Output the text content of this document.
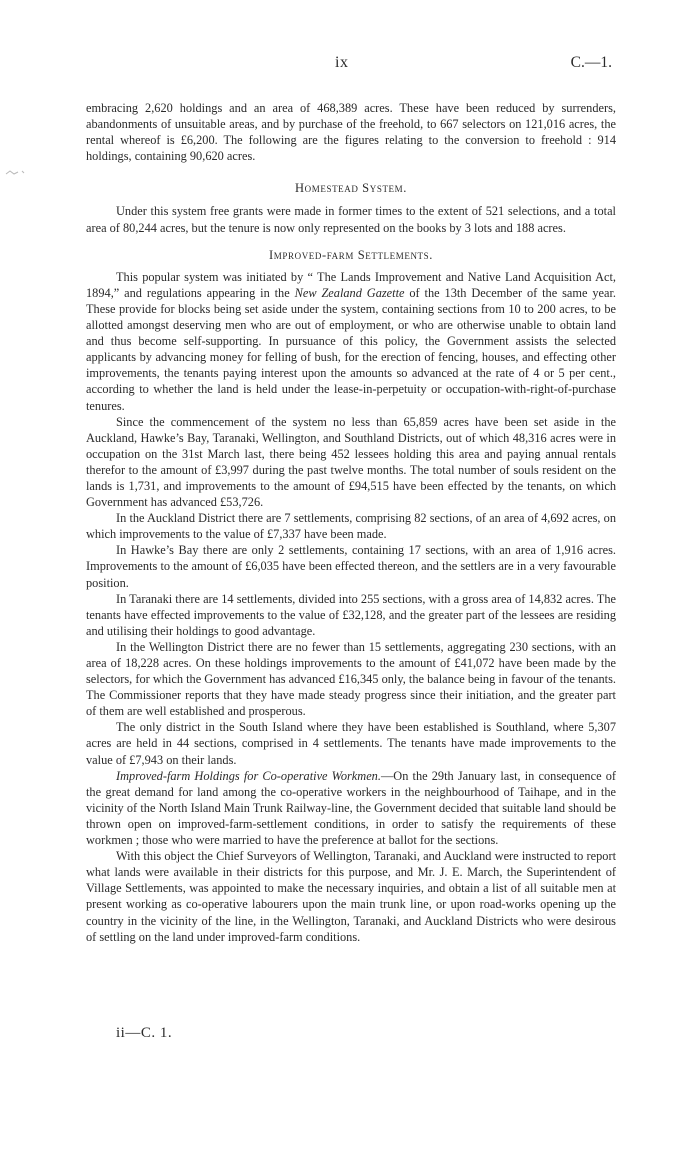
ix	C.—1.

embracing 2,620 holdings and an area of 468,389 acres. These have been reduced by surrenders, abandonments of unsuitable areas, and by purchase of the freehold, to 667 selectors on 121,016 acres, the rental whereof is £6,200. The following are the figures relating to the conversion to freehold : 914 holdings, containing 90,620 acres.

Homestead System.

Under this system free grants were made in former times to the extent of 521 selections, and a total area of 80,244 acres, but the tenure is now only represented on the books by 3 lots and 188 acres.

Improved-farm Settlements.

This popular system was initiated by “ The Lands Improvement and Native Land Acquisition Act, 1894,” and regulations appearing in the New Zealand Gazette of the 13th December of the same year. These provide for blocks being set aside under the system, containing sections from 10 to 200 acres, to be allotted amongst deserving men who are out of employment, or who are otherwise unable to obtain land and thus become self-supporting. In pursuance of this policy, the Government assists the selected applicants by advancing money for felling of bush, for the erection of fencing, houses, and effecting other improvements, the tenants paying interest upon the amounts so advanced at the rate of 4 or 5 per cent., according to whether the land is held under the lease-in-perpetuity or occupation-with-right-of-purchase tenures.

Since the commencement of the system no less than 65,859 acres have been set aside in the Auckland, Hawke’s Bay, Taranaki, Wellington, and Southland Districts, out of which 48,316 acres were in occupation on the 31st March last, there being 452 lessees holding this area and paying annual rentals therefor to the amount of £3,997 during the past twelve months. The total number of souls resident on the lands is 1,731, and improvements to the amount of £94,515 have been effected by the tenants, on which Government has advanced £53,726.

In the Auckland District there are 7 settlements, comprising 82 sections, of an area of 4,692 acres, on which improvements to the value of £7,337 have been made.

In Hawke’s Bay there are only 2 settlements, containing 17 sections, with an area of 1,916 acres. Improvements to the amount of £6,035 have been effected thereon, and the settlers are in a very favourable position.

In Taranaki there are 14 settlements, divided into 255 sections, with a gross area of 14,832 acres. The tenants have effected improvements to the value of £32,128, and the greater part of the lessees are residing and utilising their holdings to good advantage.

In the Wellington District there are no fewer than 15 settlements, aggregating 230 sections, with an area of 18,228 acres. On these holdings improvements to the amount of £41,072 have been made by the selectors, for which the Government has advanced £16,345 only, the balance being in favour of the tenants. The Commissioner reports that they have made steady progress since their initiation, and the greater part of them are well established and prosperous.

The only district in the South Island where they have been established is Southland, where 5,307 acres are held in 44 sections, comprised in 4 settlements. The tenants have made improvements to the value of £7,943 on their lands.

Improved-farm Holdings for Co-operative Workmen.—On the 29th January last, in consequence of the great demand for land among the co-operative workers in the neighbourhood of Taihape, and in the vicinity of the North Island Main Trunk Railway-line, the Government decided that suitable land should be thrown open on improved-farm-settlement conditions, in order to satisfy the requirements of these workmen ; those who were married to have the preference at ballot for the sections.

With this object the Chief Surveyors of Wellington, Taranaki, and Auckland were instructed to report what lands were available in their districts for this purpose, and Mr. J. E. March, the Superintendent of Village Settlements, was appointed to make the necessary inquiries, and obtain a list of all suitable men at present working as co-operative labourers upon the main trunk line, or upon road-works opening up the country in the vicinity of the line, in the Wellington, Taranaki, and Auckland Districts who were desirous of settling on the land under improved-farm conditions.

ii—C. 1.
